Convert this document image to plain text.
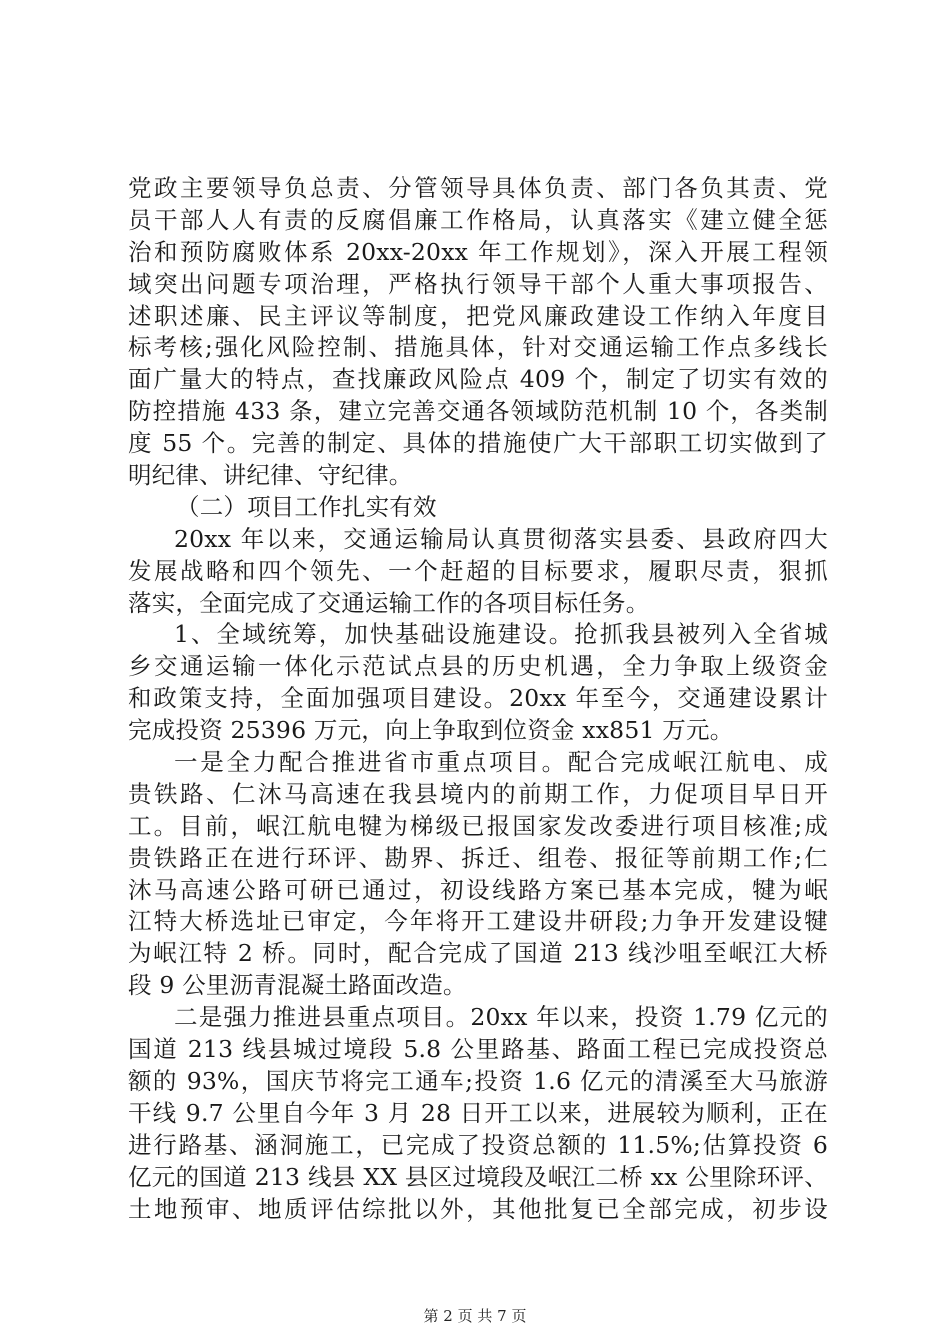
党政主要领导负总责、分管领导具体负责、部门各负其责、党
员干部人人有责的反腐倡廉工作格局，认真落实《建立健全惩
治和预防腐败体系 20xx-20xx 年工作规划》，深入开展工程领
域突出问题专项治理，严格执行领导干部个人重大事项报告、
述职述廉、民主评议等制度，把党风廉政建设工作纳入年度目
标考核;强化风险控制、措施具体，针对交通运输工作点多线长
面广量大的特点，查找廉政风险点 409 个，制定了切实有效的
防控措施 433 条，建立完善交通各领域防范机制 10 个，各类制
度 55 个。完善的制定、具体的措施使广大干部职工切实做到了
明纪律、讲纪律、守纪律。
（二）项目工作扎实有效
20xx 年以来，交通运输局认真贯彻落实县委、县政府四大
发展战略和四个领先、一个赶超的目标要求，履职尽责，狠抓
落实，全面完成了交通运输工作的各项目标任务。
1、全域统筹，加快基础设施建设。抢抓我县被列入全省城
乡交通运输一体化示范试点县的历史机遇，全力争取上级资金
和政策支持，全面加强项目建设。20xx 年至今，交通建设累计
完成投资 25396 万元，向上争取到位资金 xx851 万元。
一是全力配合推进省市重点项目。配合完成岷江航电、成
贵铁路、仁沐马高速在我县境内的前期工作，力促项目早日开
工。目前，岷江航电犍为梯级已报国家发改委进行项目核准;成
贵铁路正在进行环评、勘界、拆迁、组卷、报征等前期工作;仁
沐马高速公路可研已通过，初设线路方案已基本完成，犍为岷
江特大桥选址已审定，今年将开工建设井研段;力争开发建设犍
为岷江特 2 桥。同时，配合完成了国道 213 线沙咀至岷江大桥
段 9 公里沥青混凝土路面改造。
二是强力推进县重点项目。20xx 年以来，投资 1.79 亿元的
国道 213 线县城过境段 5.8 公里路基、路面工程已完成投资总
额的 93%，国庆节将完工通车;投资 1.6 亿元的清溪至大马旅游
干线 9.7 公里自今年 3 月 28 日开工以来，进展较为顺利，正在
进行路基、涵洞施工，已完成了投资总额的 11.5%;估算投资 6
亿元的国道 213 线县 XX 县区过境段及岷江二桥 xx 公里除环评、
土地预审、地质评估综批以外，其他批复已全部完成，初步设
第 2 页 共 7 页
